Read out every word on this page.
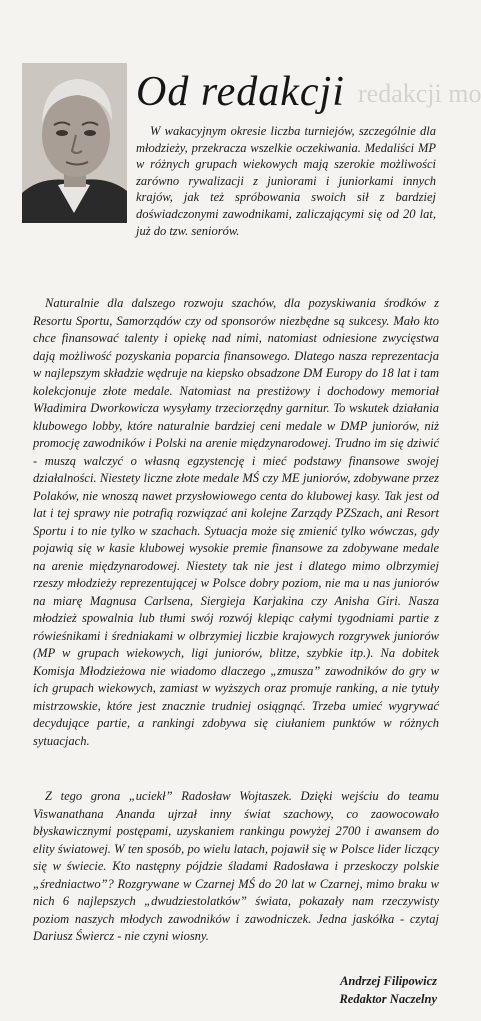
redakcji mo
Od redakcji

W wakacyjnym okresie liczba turniejów, szczególnie dla młodzieży, przekracza wszelkie oczekiwania. Medaliści MP w różnych grupach wiekowych mają szerokie możliwości zarówno rywalizacji z juniorami i juniorkami innych krajów, jak też spróbowania swoich sił z bardziej doświadczonymi zawodnikami, zaliczającymi się od 20 lat, już do tzw. seniorów.

Naturalnie dla dalszego rozwoju szachów, dla pozyskiwania środków z Resortu Sportu, Samorządów czy od sponsorów niezbędne są sukcesy. Mało kto chce finansować talenty i opiekę nad nimi, natomiast odniesione zwycięstwa dają możliwość pozyskania poparcia finansowego. Dlatego nasza reprezentacja w najlepszym składzie wędruje na kiepsko obsadzone DM Europy do 18 lat i tam kolekcjonuje złote medale. Natomiast na prestiżowy i dochodowy memoriał Władimira Dworkowicza wysyłamy trzeciorzędny garnitur. To wskutek działania klubowego lobby, które naturalnie bardziej ceni medale w DMP juniorów, niż promocję zawodników i Polski na arenie międzynarodowej. Trudno im się dziwić - muszą walczyć o własną egzystencję i mieć podstawy finansowe swojej działalności. Niestety liczne złote medale MŚ czy ME juniorów, zdobywane przez Polaków, nie wnoszą nawet przysłowiowego centa do klubowej kasy. Tak jest od lat i tej sprawy nie potrafią rozwiązać ani kolejne Zarządy PZSzach, ani Resort Sportu i to nie tylko w szachach. Sytuacja może się zmienić tylko wówczas, gdy pojawią się w kasie klubowej wysokie premie finansowe za zdobywane medale na arenie międzynarodowej. Niestety tak nie jest i dlatego mimo olbrzymiej rzeszy młodzieży reprezentującej w Polsce dobry poziom, nie ma u nas juniorów na miarę Magnusa Carlsena, Siergieja Karjakina czy Anisha Giri. Nasza młodzież spowalnia lub tłumi swój rozwój klepiąc całymi tygodniami partie z rówieśnikami i średniakami w olbrzymiej liczbie krajowych rozgrywek juniorów (MP w grupach wiekowych, ligi juniorów, blitze, szybkie itp.). Na dobitek Komisja Młodzieżowa nie wiadomo dlaczego „zmusza” zawodników do gry w ich grupach wiekowych, zamiast w wyższych oraz promuje ranking, a nie tytuły mistrzowskie, które jest znacznie trudniej osiągnąć. Trzeba umieć wygrywać decydujące partie, a rankingi zdobywa się ciułaniem punktów w różnych sytuacjach.

Z tego grona „uciekł” Radosław Wojtaszek. Dzięki wejściu do teamu Viswanathana Ananda ujrzał inny świat szachowy, co zaowocowało błyskawicznymi postępami, uzyskaniem rankingu powyżej 2700 i awansem do elity światowej. W ten sposób, po wielu latach, pojawił się w Polsce lider liczący się w świecie. Kto następny pójdzie śladami Radosława i przeskoczy polskie „średniactwo”? Rozgrywane w Czarnej MŚ do 20 lat w Czarnej, mimo braku w nich 6 najlepszych „dwudziestolatków” świata, pokazały nam rzeczywisty poziom naszych młodych zawodników i zawodniczek. Jedna jaskółka - czytaj Dariusz Świercz - nie czyni wiosny.

Andrzej Filipowicz
Redaktor Naczelny
